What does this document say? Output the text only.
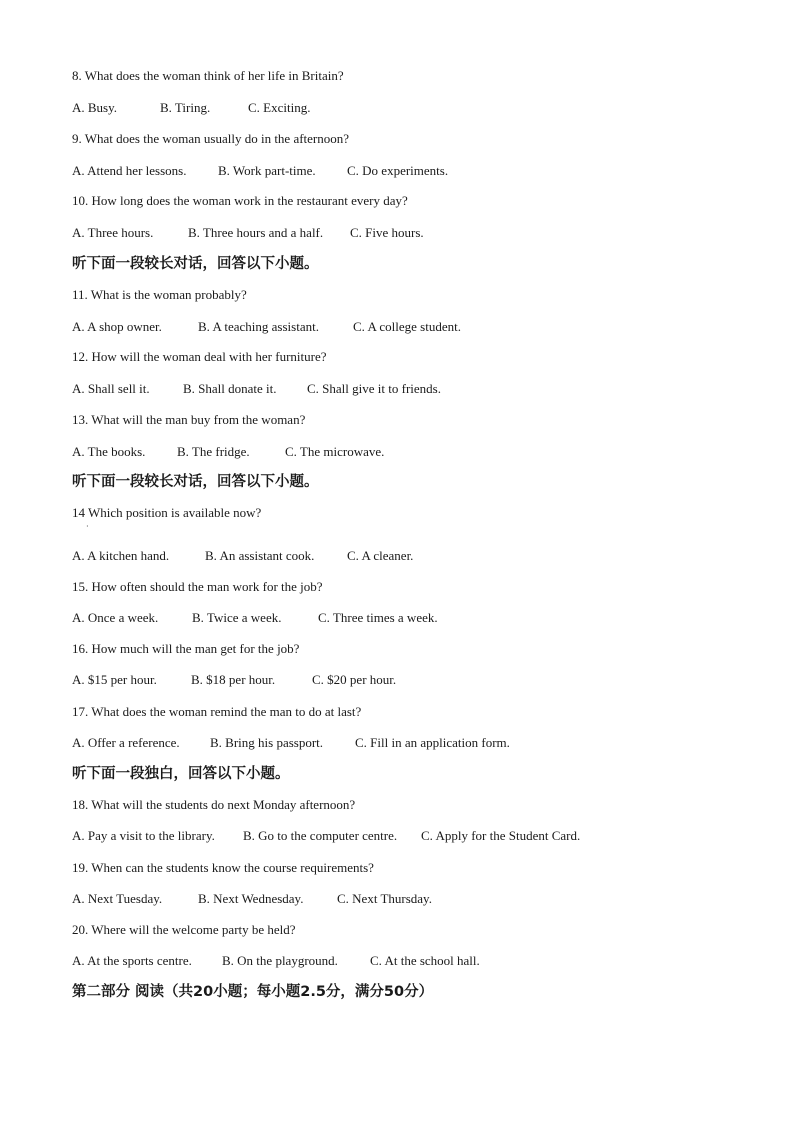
8. What does the woman think of her life in Britain?
A. Busy.	B. Tiring.	C. Exciting.
9. What does the woman usually do in the afternoon?
A. Attend her lessons. B. Work part-time. C. Do experiments.
10. How long does the woman work in the restaurant every day?
A. Three hours.	B. Three hours and a half. C. Five hours.
听下面一段较长对话，回答以下小题。
11. What is the woman probably?
A. A shop owner.	B. A teaching assistant.	C. A college student.
12. How will the woman deal with her furniture?
A. Shall sell it.	B. Shall donate it. C. Shall give it to friends.
13. What will the man buy from the woman?
A. The books. B. The fridge.	C. The microwave.
听下面一段较长对话，回答以下小题。
14 Which position is available now?
·
A. A kitchen hand.	B. An assistant cook.	C. A cleaner.
15. How often should the man work for the job?
A. Once a week.	B. Twice a week.	C. Three times a week.
16. How much will the man get for the job?
A. $15 per hour.	B. $18 per hour.	C. $20 per hour.
17. What does the woman remind the man to do at last?
A. Offer a reference. B. Bring his passport. C. Fill in an application form.
听下面一段独白，回答以下小题。
18. What will the students do next Monday afternoon?
A. Pay a visit to the library. B. Go to the computer centre. C. Apply for the Student Card.
19. When can the students know the course requirements?
A. Next Tuesday.	B. Next Wednesday.	C. Next Thursday.
20. Where will the welcome party be held?
A. At the sports centre. B. On the playground. C. At the school hall.
第二部分 阅读（共20小题；每小题2.5分，满分50分）
